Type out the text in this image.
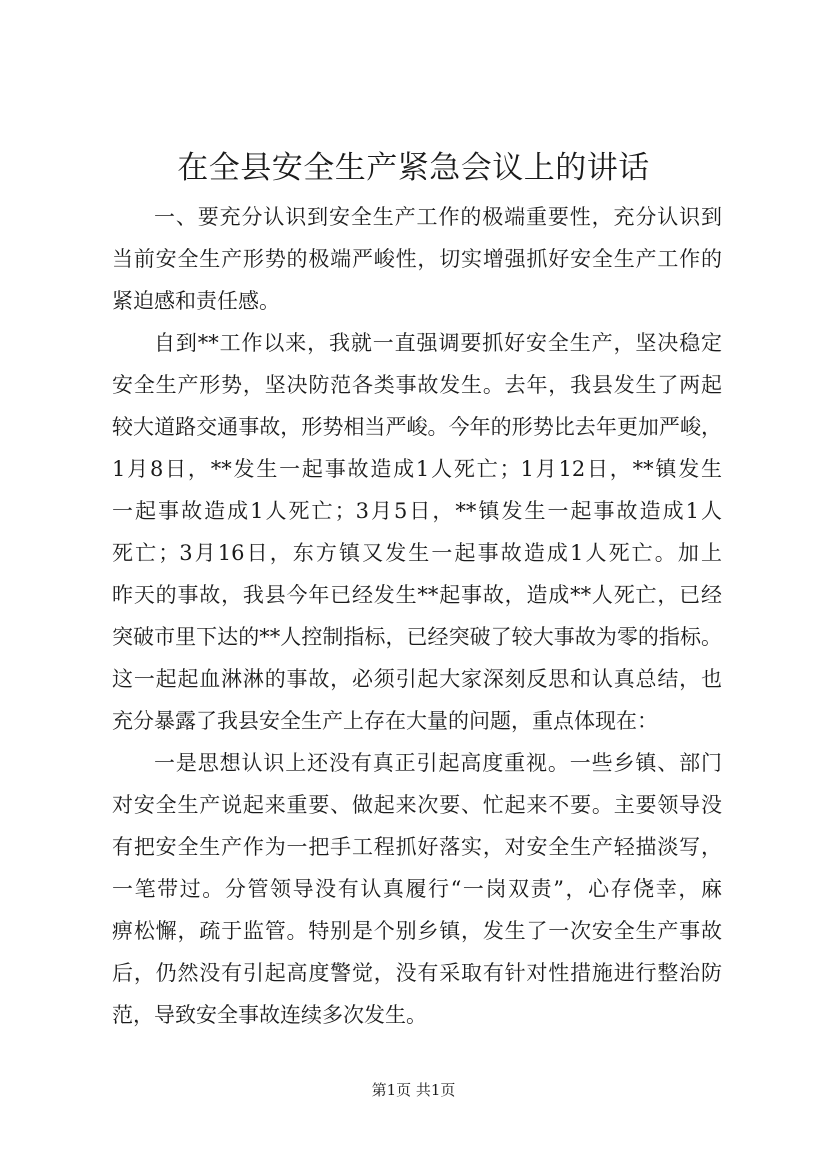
在全县安全生产紧急会议上的讲话
一、要充分认识到安全生产工作的极端重要性，充分认识到
当前安全生产形势的极端严峻性，切实增强抓好安全生产工作的
紧迫感和责任感。
自到**工作以来，我就一直强调要抓好安全生产，坚决稳定
安全生产形势，坚决防范各类事故发生。去年，我县发生了两起
较大道路交通事故，形势相当严峻。今年的形势比去年更加严峻，
1月8日，**发生一起事故造成1人死亡；1月12日，**镇发生
一起事故造成1人死亡；3月5日，**镇发生一起事故造成1人
死亡；3月16日，东方镇又发生一起事故造成1人死亡。加上
昨天的事故，我县今年已经发生**起事故，造成**人死亡，已经
突破市里下达的**人控制指标，已经突破了较大事故为零的指标。
这一起起血淋淋的事故，必须引起大家深刻反思和认真总结，也
充分暴露了我县安全生产上存在大量的问题，重点体现在：
一是思想认识上还没有真正引起高度重视。一些乡镇、部门
对安全生产说起来重要、做起来次要、忙起来不要。主要领导没
有把安全生产作为一把手工程抓好落实，对安全生产轻描淡写，
一笔带过。分管领导没有认真履行“一岗双责”，心存侥幸，麻
痹松懈，疏于监管。特别是个别乡镇，发生了一次安全生产事故
后，仍然没有引起高度警觉，没有采取有针对性措施进行整治防
范，导致安全事故连续多次发生。
第1页 共1页
